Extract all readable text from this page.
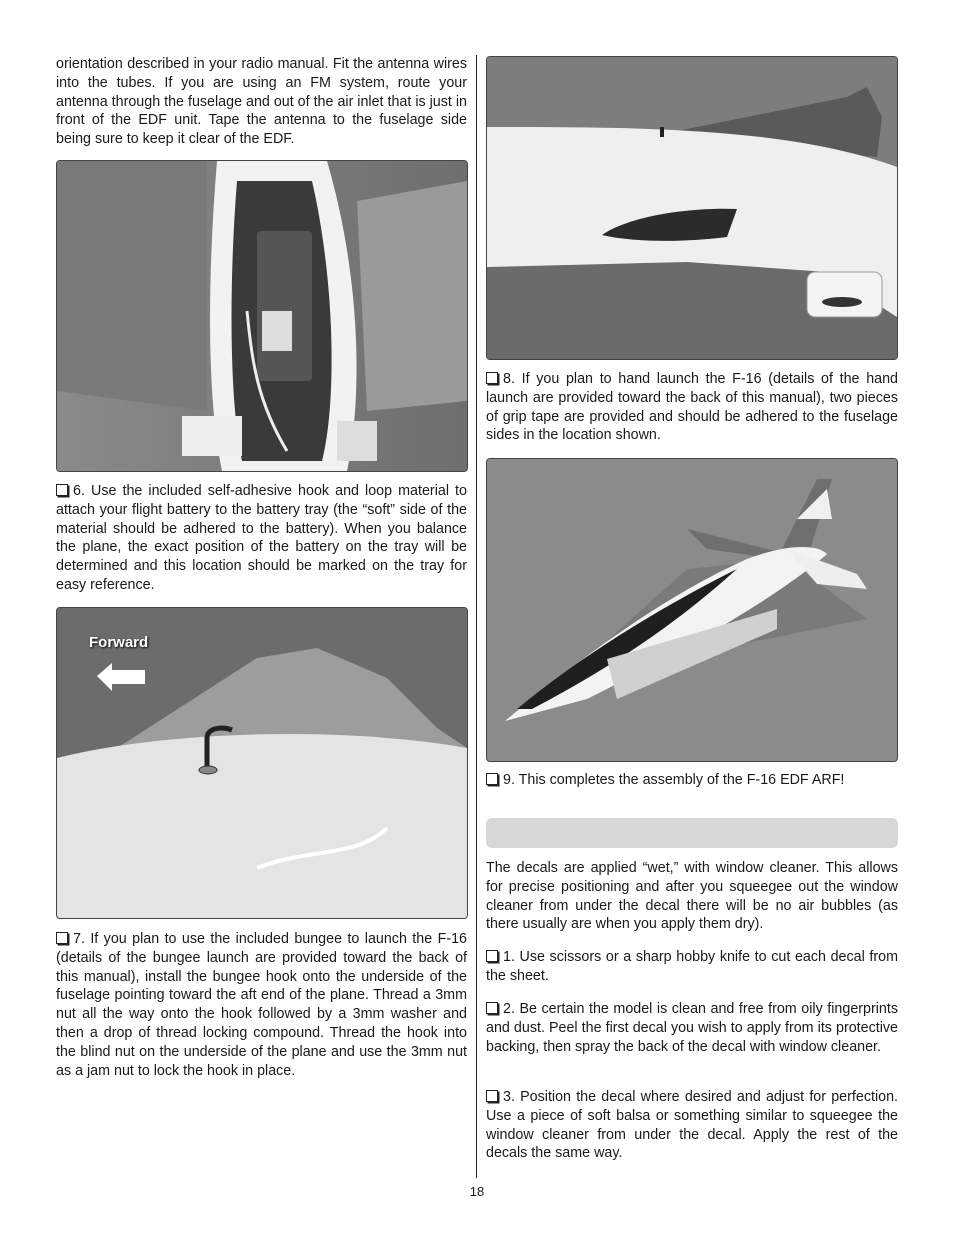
orientation described in your radio manual. Fit the antenna wires into the tubes. If you are using an FM system, route your antenna through the fuselage and out of the air inlet that is just in front of the EDF unit. Tape the antenna to the fuselage side being sure to keep it clear of the EDF.

6. Use the included self-adhesive hook and loop material to attach your flight battery to the battery tray (the “soft” side of the material should be adhered to the battery). When you balance the plane, the exact position of the battery on the tray will be determined and this location should be marked on the tray for easy reference.

Forward

7. If you plan to use the included bungee to launch the F-16 (details of the bungee launch are provided toward the back of this manual), install the bungee hook onto the underside of the fuselage pointing toward the aft end of the plane. Thread a 3mm nut all the way onto the hook followed by a 3mm washer and then a drop of thread locking compound. Thread the hook into the blind nut on the underside of the plane and use the 3mm nut as a jam nut to lock the hook in place.

8. If you plan to hand launch the F-16 (details of the hand launch are provided toward the back of this manual), two pieces of grip tape are provided and should be adhered to the fuselage sides in the location shown.

9. This completes the assembly of the F-16 EDF ARF!

The decals are applied “wet,” with window cleaner. This allows for precise positioning and after you squeegee out the window cleaner from under the decal there will be no air bubbles (as there usually are when you apply them dry).

1. Use scissors or a sharp hobby knife to cut each decal from the sheet.

2. Be certain the model is clean and free from oily fingerprints and dust. Peel the first decal you wish to apply from its protective backing, then spray the back of the decal with window cleaner.

3. Position the decal where desired and adjust for perfection. Use a piece of soft balsa or something similar to squeegee the window cleaner from under the decal. Apply the rest of the decals the same way.

18
